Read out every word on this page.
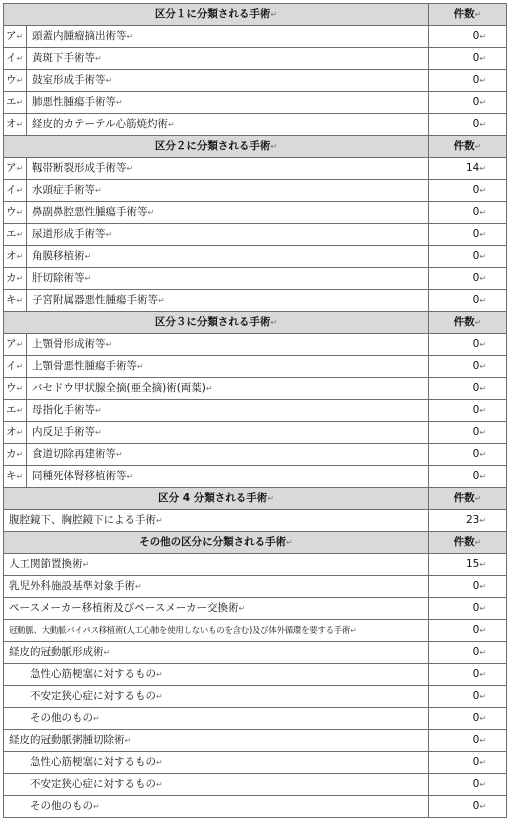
区分１に分類される手術↵		件数↵
ア↵	頭蓋内腫瘤摘出術等↵	0↵
イ↵	黄斑下手術等↵	0↵
ウ↵	鼓室形成手術等↵	0↵
エ↵	肺悪性腫瘍手術等↵	0↵
オ↵	経皮的カテーテル心筋焼灼術↵	0↵
区分２に分類される手術↵		件数↵
ア↵	靱帯断裂形成手術等↵	14↵
イ↵	水頭症手術等↵	0↵
ウ↵	鼻副鼻腔悪性腫瘍手術等↵	0↵
エ↵	尿道形成手術等↵	0↵
オ↵	角膜移植術↵	0↵
カ↵	肝切除術等↵	0↵
キ↵	子宮附属器悪性腫瘍手術等↵	0↵
区分３に分類される手術↵		件数↵
ア↵	上顎骨形成術等↵	0↵
イ↵	上顎骨悪性腫瘍手術等↵	0↵
ウ↵	バセドウ甲状腺全摘(亜全摘)術(両葉)↵	0↵
エ↵	母指化手術等↵	0↵
オ↵	内反足手術等↵	0↵
カ↵	食道切除再建術等↵	0↵
キ↵	同種死体腎移植術等↵	0↵
区分 4 分類される手術↵		件数↵
腹腔鏡下、胸腔鏡下による手術↵		23↵
その他の区分に分類される手術↵		件数↵
人工関節置換術↵		15↵
乳児外科施設基準対象手術↵		0↵
ペースメーカー移植術及びペースメーカー交換術↵		0↵
冠動脈、大動脈バイパス移植術(人工心肺を使用しないものを含む)及び体外循環を要する手術↵		0↵
経皮的冠動脈形成術↵		0↵
急性心筋梗塞に対するもの↵		0↵
不安定狭心症に対するもの↵		0↵
その他のもの↵		0↵
経皮的冠動脈粥腫切除術↵		0↵
急性心筋梗塞に対するもの↵		0↵
不安定狭心症に対するもの↵		0↵
その他のもの↵		0↵
